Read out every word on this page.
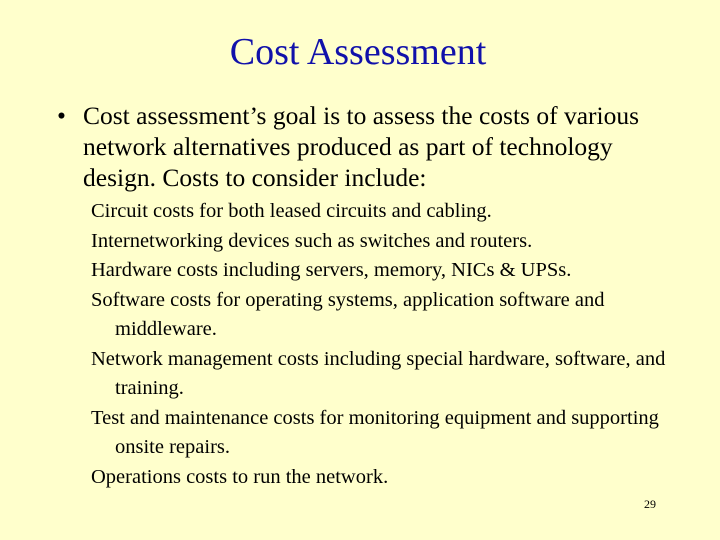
Cost Assessment
• Cost assessment’s goal is to assess the costs of various network alternatives produced as part of technology design. Costs to consider include:
Circuit costs for both leased circuits and cabling.
Internetworking devices such as switches and routers.
Hardware costs including servers, memory, NICs & UPSs.
Software costs for operating systems, application software and middleware.
Network management costs including special hardware, software, and training.
Test and maintenance costs for monitoring equipment and supporting onsite repairs.
Operations costs to run the network.
29
